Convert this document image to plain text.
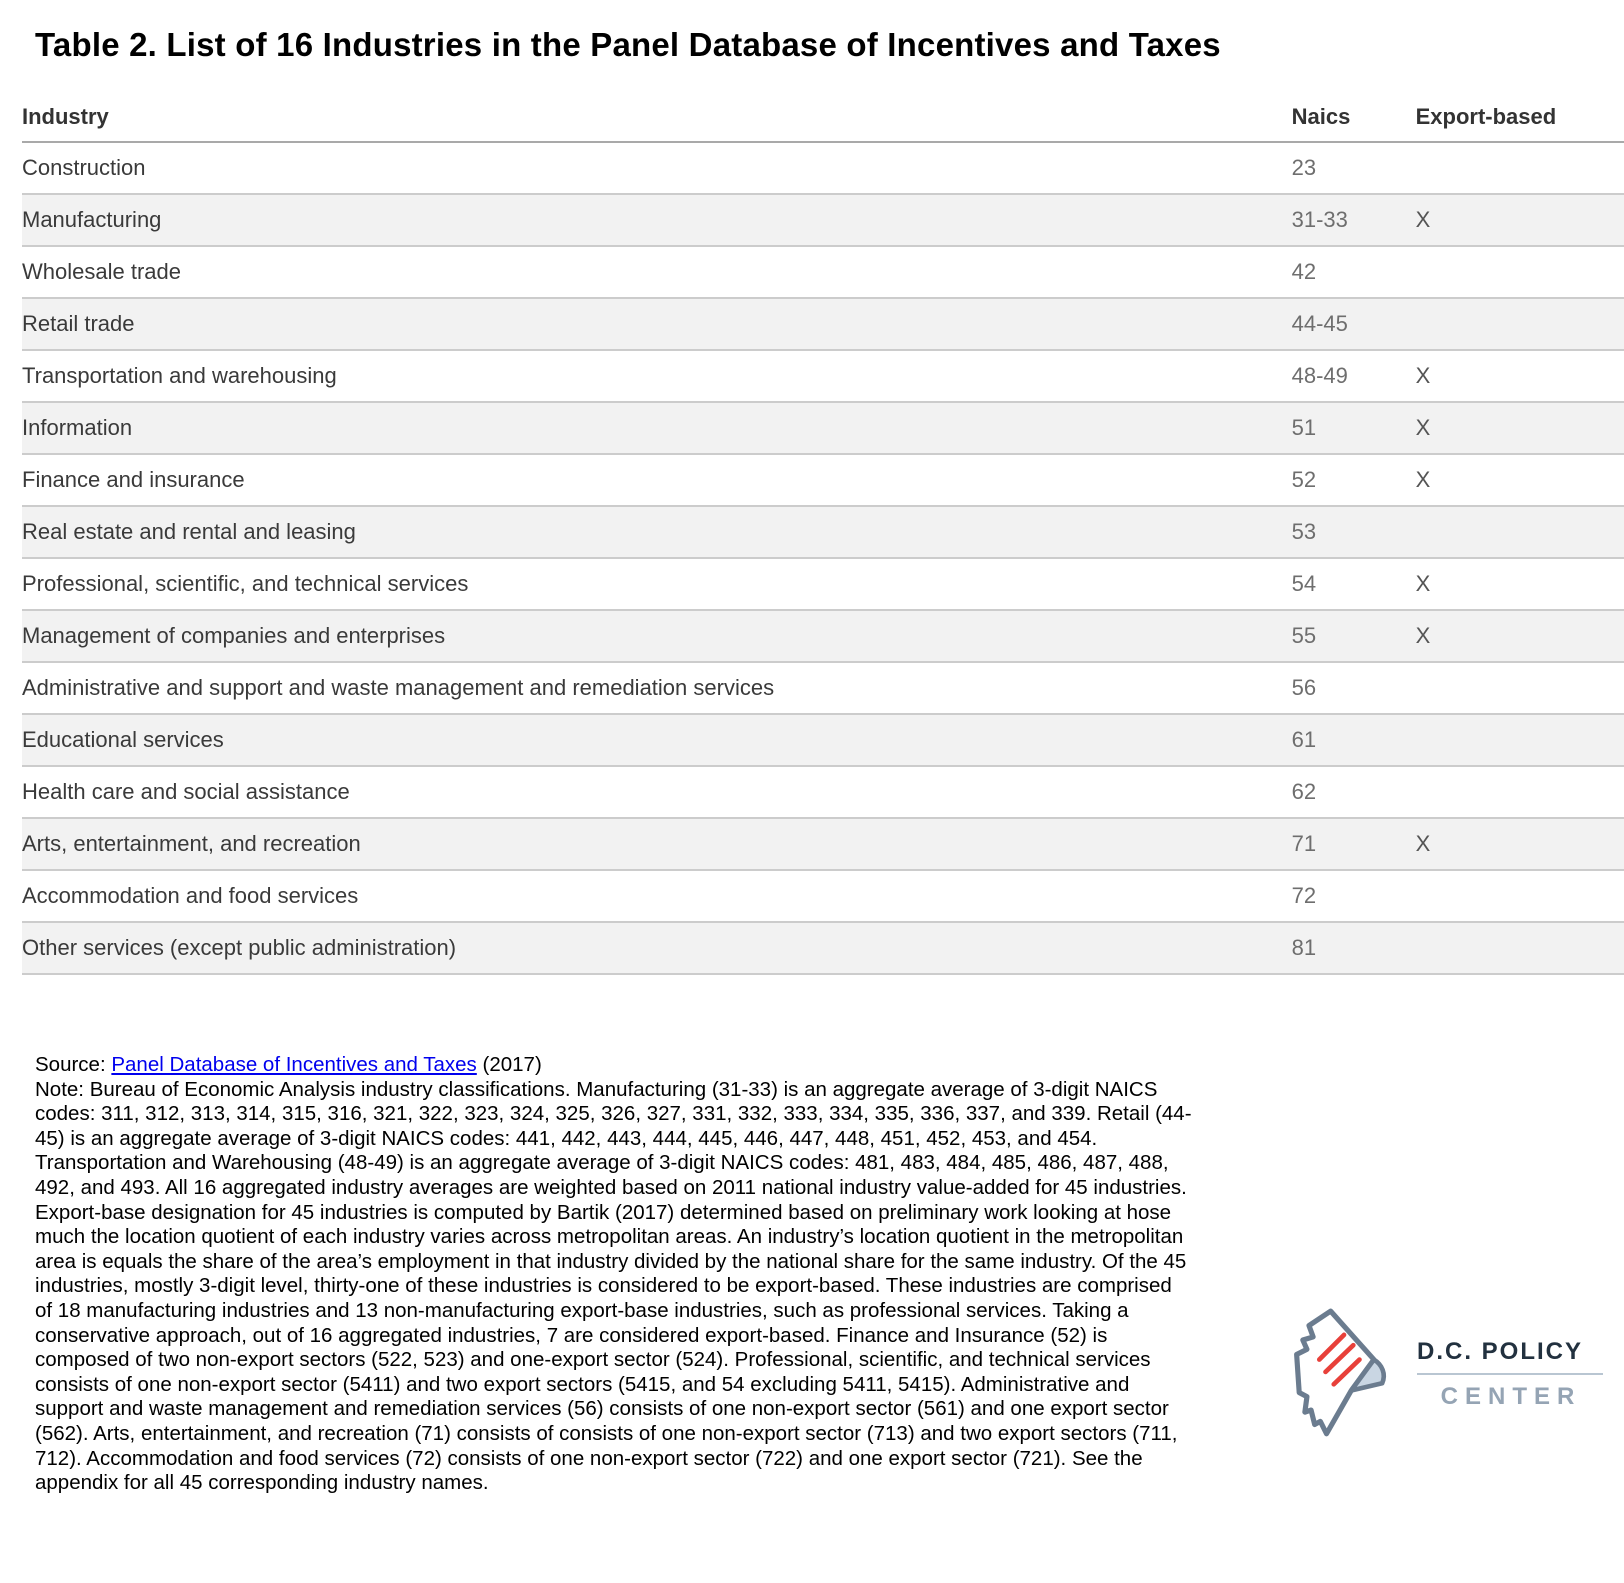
Table 2. List of 16 Industries in the Panel Database of Incentives and Taxes
Industry	Naics	Export-based
Construction	23	
Manufacturing	31-33	X
Wholesale trade	42	
Retail trade	44-45	
Transportation and warehousing	48-49	X
Information	51	X
Finance and insurance	52	X
Real estate and rental and leasing	53	
Professional, scientific, and technical services	54	X
Management of companies and enterprises	55	X
Administrative and support and waste management and remediation services	56	
Educational services	61	
Health care and social assistance	62	
Arts, entertainment, and recreation	71	X
Accommodation and food services	72	
Other services (except public administration)	81	

Source: Panel Database of Incentives and Taxes (2017)

Note: Bureau of Economic Analysis industry classifications. Manufacturing (31-33) is an aggregate average of 3-digit NAICS codes: 311, 312, 313, 314, 315, 316, 321, 322, 323, 324, 325, 326, 327, 331, 332, 333, 334, 335, 336, 337, and 339. Retail (44-45) is an aggregate average of 3-digit NAICS codes: 441, 442, 443, 444, 445, 446, 447, 448, 451, 452, 453, and 454. Transportation and Warehousing (48-49) is an aggregate average of 3-digit NAICS codes: 481, 483, 484, 485, 486, 487, 488, 492, and 493. All 16 aggregated industry averages are weighted based on 2011 national industry value-added for 45 industries. Export-base designation for 45 industries is computed by Bartik (2017) determined based on preliminary work looking at hose much the location quotient of each industry varies across metropolitan areas. An industry’s location quotient in the metropolitan area is equals the share of the area’s employment in that industry divided by the national share for the same industry. Of the 45 industries, mostly 3-digit level, thirty-one of these industries is considered to be export-based. These industries are comprised of 18 manufacturing industries and 13 non-manufacturing export-base industries, such as professional services. Taking a conservative approach, out of 16 aggregated industries, 7 are considered export-based. Finance and Insurance (52) is composed of two non-export sectors (522, 523) and one-export sector (524). Professional, scientific, and technical services consists of one non-export sector (5411) and two export sectors (5415, and 54 excluding 5411, 5415). Administrative and support and waste management and remediation services (56) consists of one non-export sector (561) and one export sector (562). Arts, entertainment, and recreation (71) consists of consists of one non-export sector (713) and two export sectors (711, 712). Accommodation and food services (72) consists of one non-export sector (722) and one export sector (721). See the appendix for all 45 corresponding industry names.

D.C. POLICY
CENTER
